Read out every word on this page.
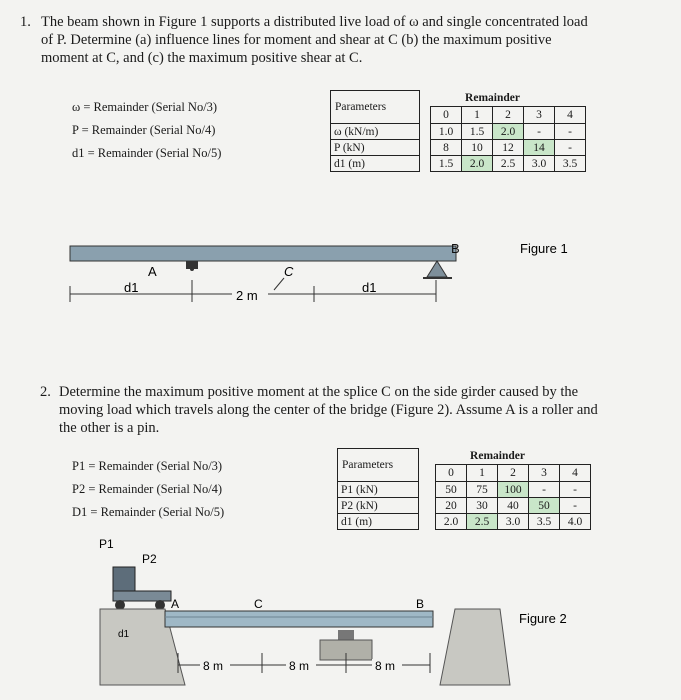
1. The beam shown in Figure 1 supports a distributed live load of ω and single concentrated load
of P. Determine (a) influence lines for moment and shear at C (b) the maximum positive
moment at C, and (c) the maximum positive shear at C.
ω = Remainder (Serial No/3)
P = Remainder (Serial No/4)
d1 = Remainder (Serial No/5)
Parameters		Remainder				
		0	1	2	3	4
ω (kN/m)		1.0	1.5	2.0	-	-
P (kN)		8	10	12	14	-
d1 (m)		1.5	2.0	2.5	3.0	3.5
A
B
C
d1
2 m
d1
Figure 1
2. Determine the maximum positive moment at the splice C on the side girder caused by the
moving load which travels along the center of the bridge (Figure 2). Assume A is a roller and
the other is a pin.
P1 = Remainder (Serial No/3)
P2 = Remainder (Serial No/4)
D1 = Remainder (Serial No/5)
Parameters		Remainder				
		0	1	2	3	4
P1 (kN)		50	75	100	-	-
P2 (kN)		20	30	40	50	-
d1 (m)		2.0	2.5	3.0	3.5	4.0
P1
P2
A	C	B
d1
8 m	8 m	8 m
Figure 2
